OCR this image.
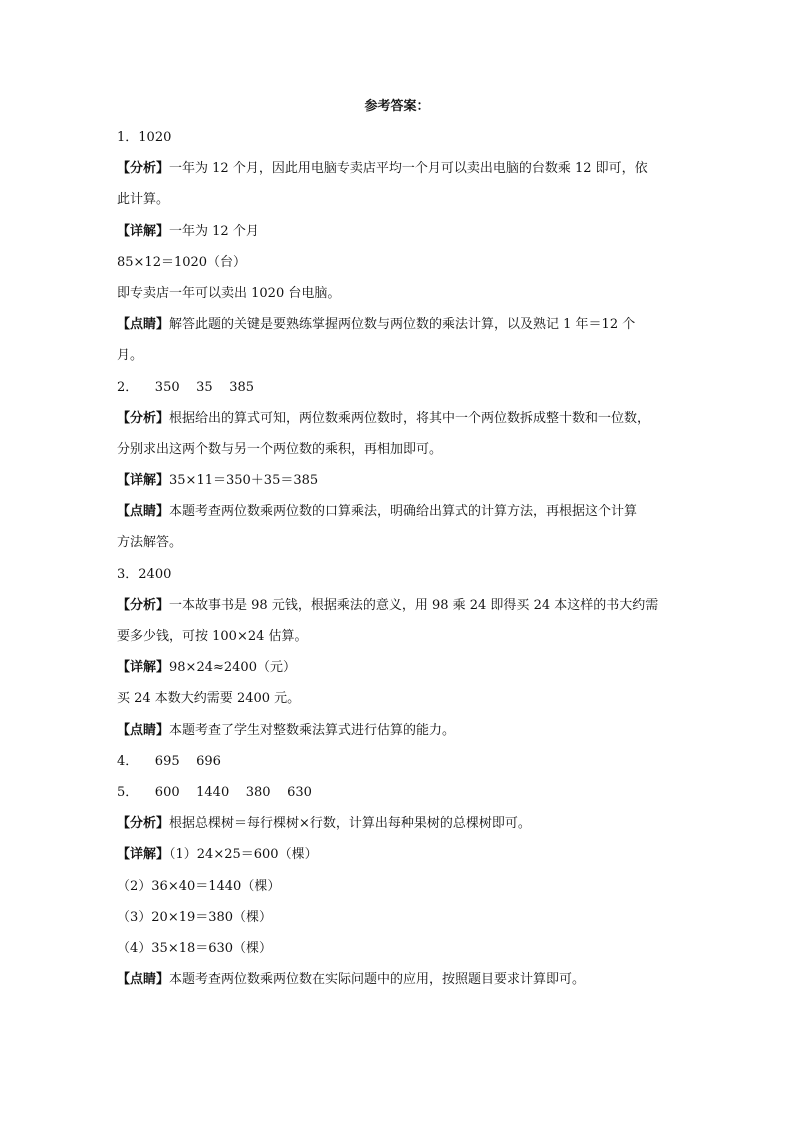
参考答案：
1．1020
【分析】一年为 12 个月，因此用电脑专卖店平均一个月可以卖出电脑的台数乘 12 即可，依
此计算。
【详解】一年为 12 个月
85×12＝1020（台）
即专卖店一年可以卖出 1020 台电脑。
【点睛】解答此题的关键是要熟练掌握两位数与两位数的乘法计算，以及熟记 1 年＝12 个
月。
2．    350    35    385
【分析】根据给出的算式可知，两位数乘两位数时，将其中一个两位数拆成整十数和一位数，
分别求出这两个数与另一个两位数的乘积，再相加即可。
【详解】35×11＝350＋35＝385
【点睛】本题考查两位数乘两位数的口算乘法，明确给出算式的计算方法，再根据这个计算
方法解答。
3．2400
【分析】一本故事书是 98 元钱，根据乘法的意义，用 98 乘 24 即得买 24 本这样的书大约需
要多少钱，可按 100×24 估算。
【详解】98×24≈2400（元）
买 24 本数大约需要 2400 元。
【点睛】本题考查了学生对整数乘法算式进行估算的能力。
4．    695    696
5．    600    1440    380    630
【分析】根据总棵树＝每行棵树×行数，计算出每种果树的总棵树即可。
【详解】（1）24×25＝600（棵）
（2）36×40＝1440（棵）
（3）20×19＝380（棵）
（4）35×18＝630（棵）
【点睛】本题考查两位数乘两位数在实际问题中的应用，按照题目要求计算即可。
